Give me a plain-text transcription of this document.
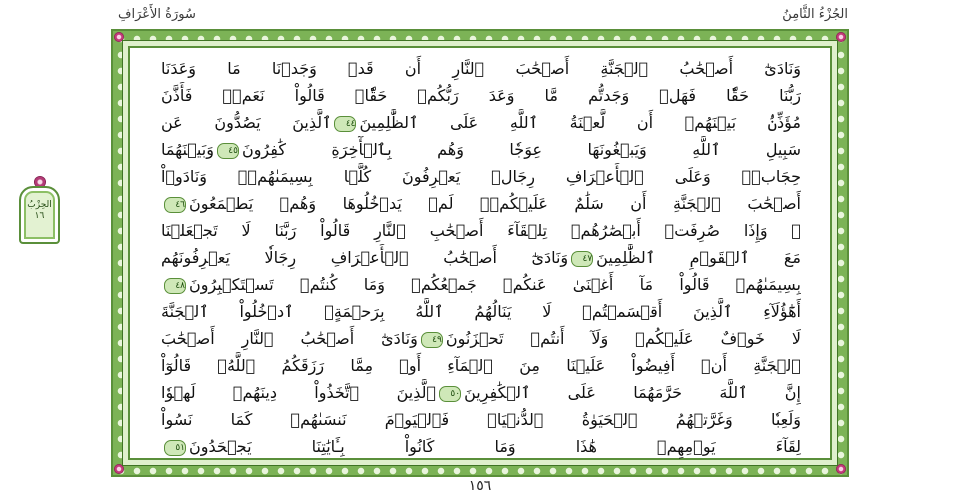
سُورَةُ الأَعْرَافِ	الجُزْءُ الثَّامِنُ
الحِزْبُ
١٦
وَنَادَىٰٓ أَصۡحَٰبُ ٱلۡجَنَّةِ أَصۡحَٰبَ ٱلنَّارِ أَن قَدۡ وَجَدۡنَا مَا وَعَدَنَا
رَبُّنَا حَقّٗا فَهَلۡ وَجَدتُّم مَّا وَعَدَ رَبُّكُمۡ حَقّٗاۖ قَالُواْ نَعَمۡۚ فَأَذَّنَ
مُؤَذِّنُۢ بَيۡنَهُمۡ أَن لَّعۡنَةُ ٱللَّهِ عَلَى ٱلظَّٰلِمِينَ٤٤ٱلَّذِينَ يَصُدُّونَ عَن
سَبِيلِ ٱللَّهِ وَيَبۡغُونَهَا عِوَجٗا وَهُم بِٱلۡأٓخِرَةِ كَٰفِرُونَ٤٥وَبَيۡنَهُمَا
حِجَابٞۚ وَعَلَى ٱلۡأَعۡرَافِ رِجَالٞ يَعۡرِفُونَ كُلَّۢا بِسِيمَىٰهُمۡۚ وَنَادَوۡاْ
أَصۡحَٰبَ ٱلۡجَنَّةِ أَن سَلَٰمٌ عَلَيۡكُمۡۚ لَمۡ يَدۡخُلُوهَا وَهُمۡ يَطۡمَعُونَ٤٦
۞ وَإِذَا صُرِفَتۡ أَبۡصَٰرُهُمۡ تِلۡقَآءَ أَصۡحَٰبِ ٱلنَّارِ قَالُواْ رَبَّنَا لَا تَجۡعَلۡنَا
مَعَ ٱلۡقَوۡمِ ٱلظَّٰلِمِينَ٤٧وَنَادَىٰٓ أَصۡحَٰبُ ٱلۡأَعۡرَافِ رِجَالٗا يَعۡرِفُونَهُم
بِسِيمَىٰهُمۡ قَالُواْ مَآ أَغۡنَىٰ عَنكُمۡ جَمۡعُكُمۡ وَمَا كُنتُمۡ تَسۡتَكۡبِرُونَ٤٨
أَهَٰٓؤُلَآءِ ٱلَّذِينَ أَقۡسَمۡتُمۡ لَا يَنَالُهُمُ ٱللَّهُ بِرَحۡمَةٍۚ ٱدۡخُلُواْ ٱلۡجَنَّةَ
لَا خَوۡفٌ عَلَيۡكُمۡ وَلَآ أَنتُمۡ تَحۡزَنُونَ٤٩وَنَادَىٰٓ أَصۡحَٰبُ ٱلنَّارِ أَصۡحَٰبَ
ٱلۡجَنَّةِ أَنۡ أَفِيضُواْ عَلَيۡنَا مِنَ ٱلۡمَآءِ أَوۡ مِمَّا رَزَقَكُمُ ٱللَّهُۚ قَالُوٓاْ
إِنَّ ٱللَّهَ حَرَّمَهُمَا عَلَى ٱلۡكَٰفِرِينَ٥٠ٱلَّذِينَ ٱتَّخَذُواْ دِينَهُمۡ لَهۡوٗا
وَلَعِبٗا وَغَرَّتۡهُمُ ٱلۡحَيَوٰةُ ٱلدُّنۡيَاۚ فَٱلۡيَوۡمَ نَنسَىٰهُمۡ كَمَا نَسُواْ
لِقَآءَ يَوۡمِهِمۡ هَٰذَا وَمَا كَانُواْ بِـَٔايَٰتِنَا يَجۡحَدُونَ٥١
١٥٦
